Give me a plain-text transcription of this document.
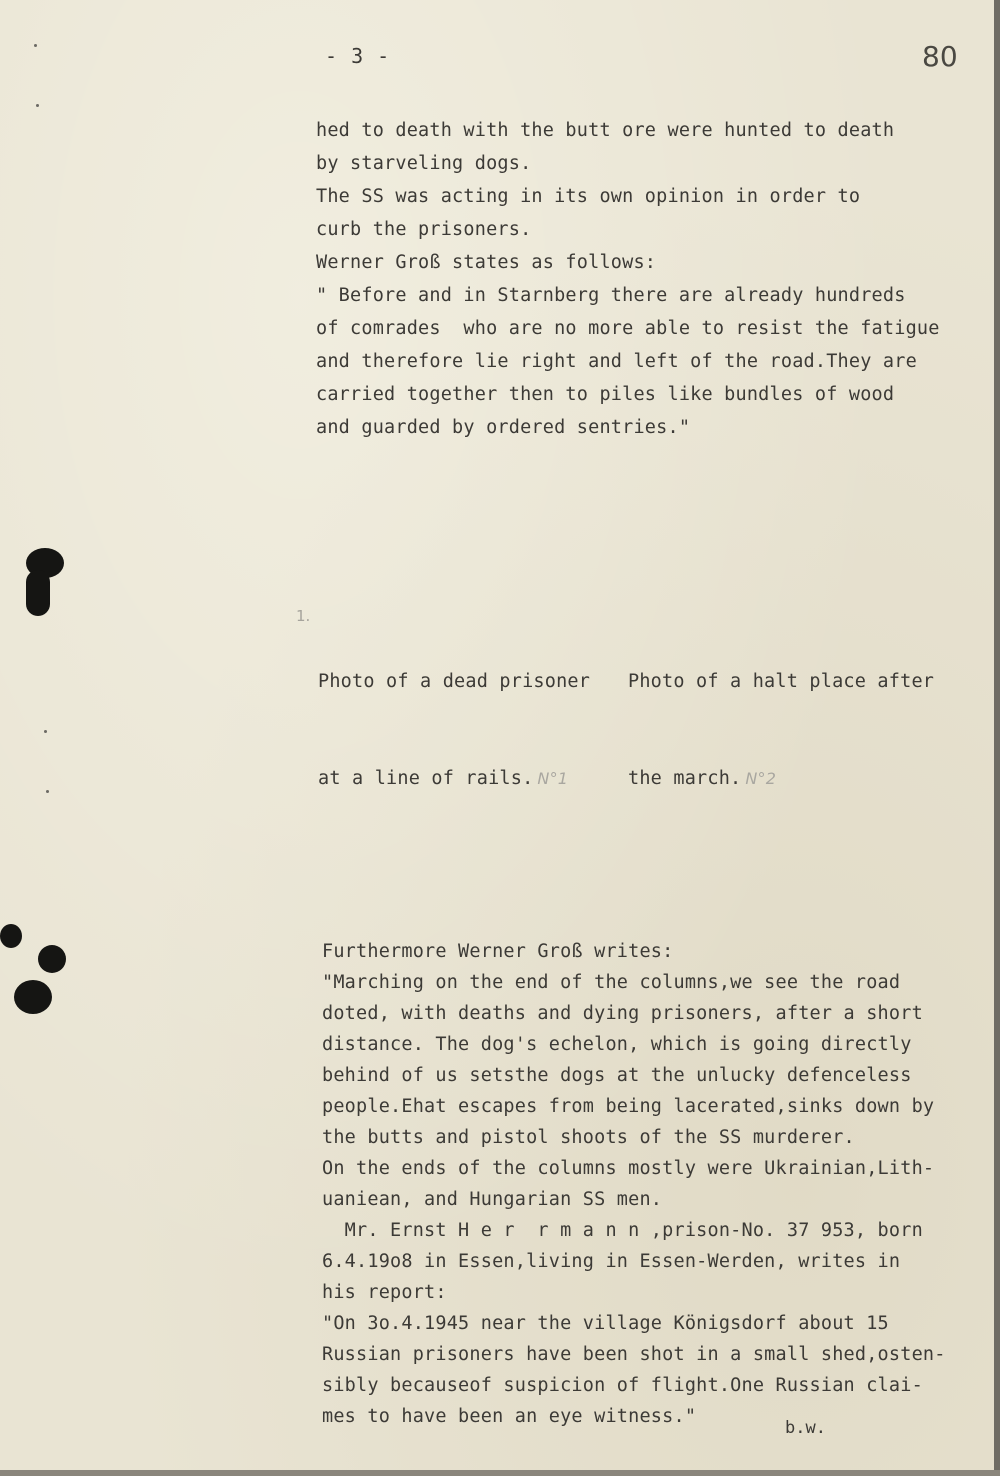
- 3 -	80
hed to death with the butt ore were hunted to death
by starveling dogs.
The SS was acting in its own opinion in order to
curb the prisoners.
Werner Groß states as follows:
" Before and in Starnberg there are already hundreds
of comrades  who are no more able to resist the fatigue
and therefore lie right and left of the road.They are
carried together then to piles like bundles of wood
and guarded by ordered sentries."
1.

Photo of a dead prisoner

at a line of rails. N°1

Photo of a halt place after

the march. N°2

Furthermore Werner Groß writes:
"Marching on the end of the columns,we see the road
doted, with deaths and dying prisoners, after a short
distance. The dog's echelon, which is going directly
behind of us setsthe dogs at the unlucky defenceless
people.Ehat escapes from being lacerated,sinks down by
the butts and pistol shoots of the SS murderer.
On the ends of the columns mostly were Ukrainian,Lith-
uaniean, and Hungarian SS men.
Mr. Ernst H e r  r m a n n ,prison-No. 37 953, born
6.4.19o8 in Essen,living in Essen-Werden, writes in
his report:
"On 3o.4.1945 near the village Königsdorf about 15
Russian prisoners have been shot in a small shed,osten-
sibly becauseof suspicion of flight.One Russian clai-
mes to have been an eye witness."
b.w.
